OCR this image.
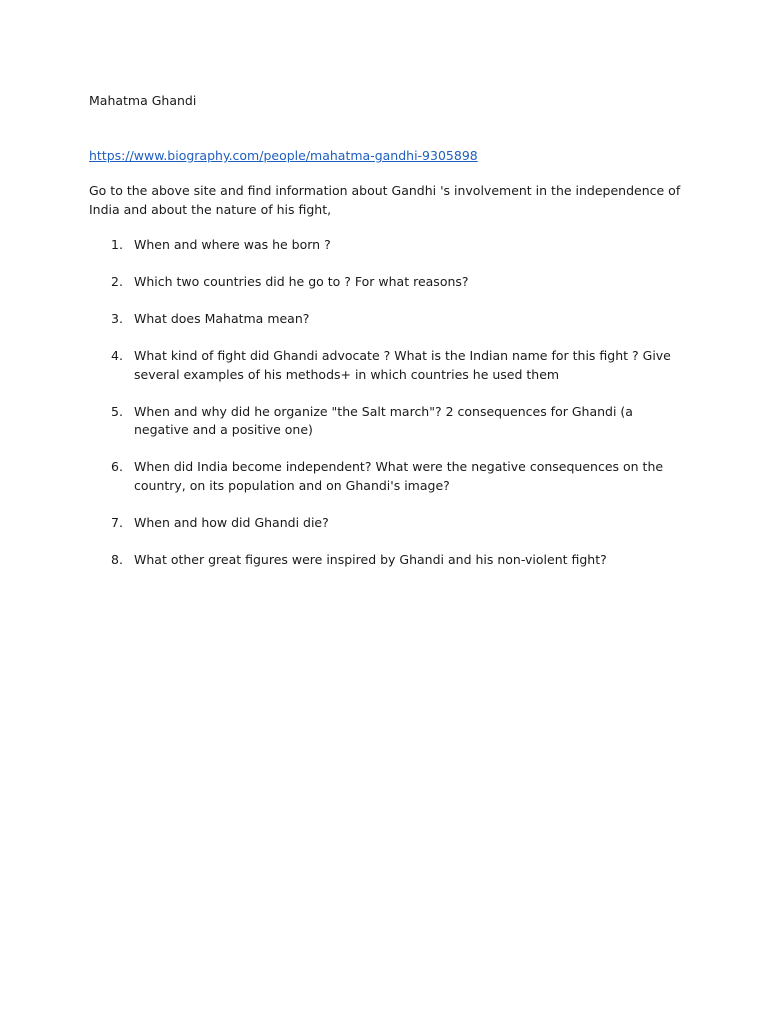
Mahatma Ghandi
https://www.biography.com/people/mahatma-gandhi-9305898

Go to the above site and find information about Gandhi 's involvement in the independence of India and about the nature of his fight,

1. When and where was he born ?
2. Which two countries did he go to ? For what reasons?
3. What does Mahatma mean?
4. What kind of fight did Ghandi advocate ? What is the Indian name for this fight ? Give several examples of his methods+ in which countries he used them
5. When and why did he organize "the Salt march"? 2 consequences for Ghandi (a negative and a positive one)
6. When did India become independent? What were the negative consequences on the country, on its population and on Ghandi's image?
7. When and how did Ghandi die?
8. What other great figures were inspired by Ghandi and his non-violent fight?
